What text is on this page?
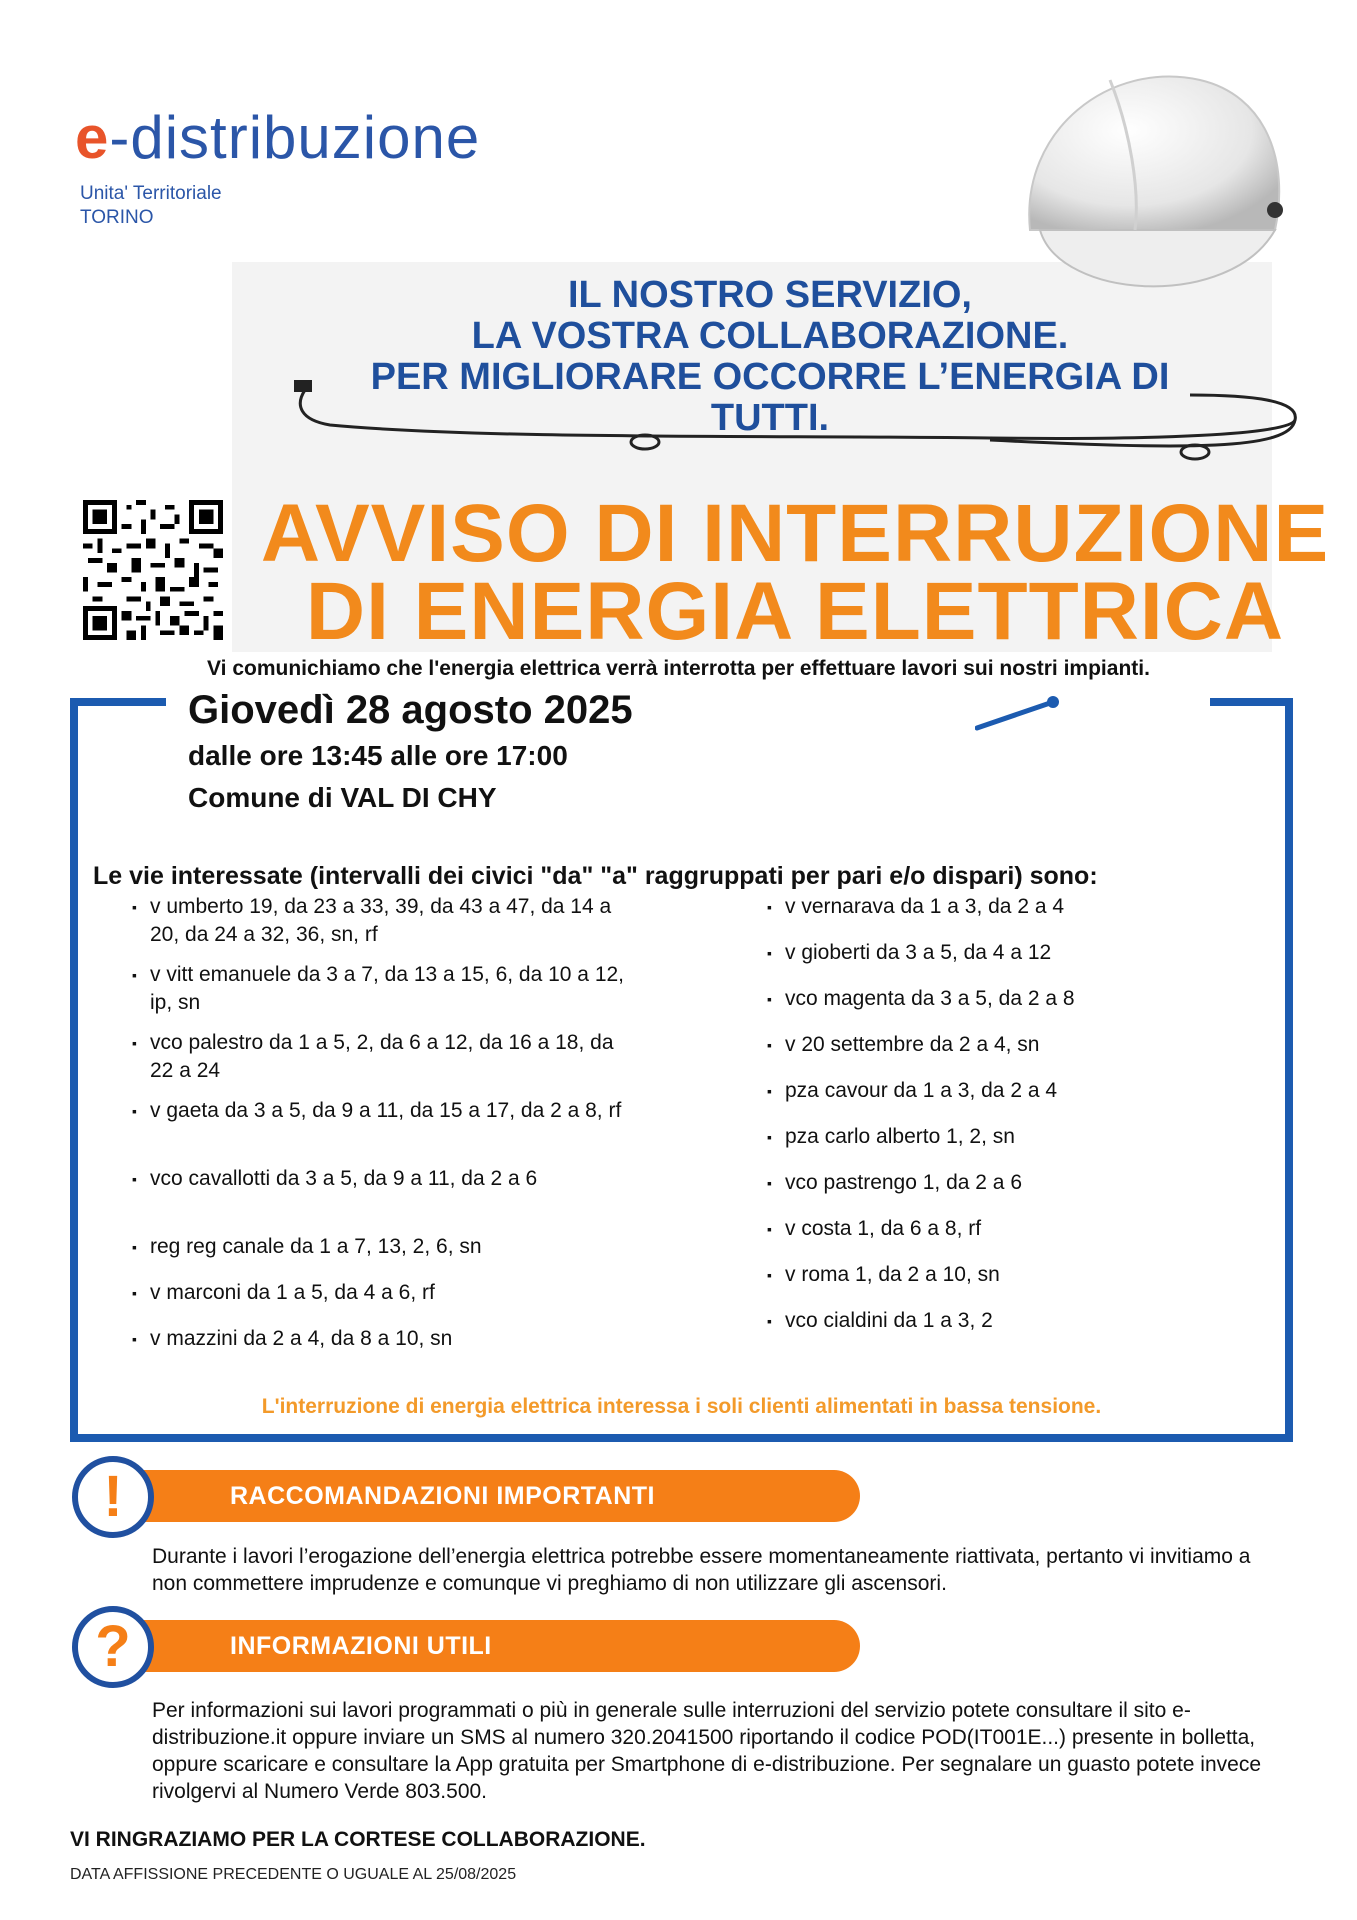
e-distribuzione
Unita' Territoriale
TORINO
IL NOSTRO SERVIZIO,
LA VOSTRA COLLABORAZIONE.
PER MIGLIORARE OCCORRE L’ENERGIA DI TUTTI.
AVVISO DI INTERRUZIONE
DI ENERGIA ELETTRICA
Vi comunichiamo che l'energia elettrica verrà interrotta per effettuare lavori sui nostri impianti.
Giovedì 28 agosto 2025
dalle ore 13:45 alle ore 17:00
Comune di VAL DI CHY
Le vie interessate (intervalli dei civici "da" "a" raggruppati per pari e/o dispari) sono:
▪ v umberto 19, da 23 a 33, 39, da 43 a 47, da 14 a 20, da 24 a 32, 36, sn, rf
▪ v vitt emanuele da 3 a 7, da 13 a 15, 6, da 10 a 12, ip, sn
▪ vco palestro da 1 a 5, 2, da 6 a 12, da 16 a 18, da 22 a 24
▪ v gaeta da 3 a 5, da 9 a 11, da 15 a 17, da 2 a 8, rf
▪ vco cavallotti da 3 a 5, da 9 a 11, da 2 a 6
▪ reg reg canale da 1 a 7, 13, 2, 6, sn
▪ v marconi da 1 a 5, da 4 a 6, rf
▪ v mazzini da 2 a 4, da 8 a 10, sn
▪ v vernarava da 1 a 3, da 2 a 4
▪ v gioberti da 3 a 5, da 4 a 12
▪ vco magenta da 3 a 5, da 2 a 8
▪ v 20 settembre da 2 a 4, sn
▪ pza cavour da 1 a 3, da 2 a 4
▪ pza carlo alberto 1, 2, sn
▪ vco pastrengo 1, da 2 a 6
▪ v costa 1, da 6 a 8, rf
▪ v roma 1, da 2 a 10, sn
▪ vco cialdini da 1 a 3, 2
L'interruzione di energia elettrica interessa i soli clienti alimentati in bassa tensione.
RACCOMANDAZIONI IMPORTANTI
!
Durante i lavori l’erogazione dell’energia elettrica potrebbe essere momentaneamente riattivata, pertanto vi invitiamo a non commettere imprudenze e comunque vi preghiamo di non utilizzare gli ascensori.
INFORMAZIONI UTILI
?
Per informazioni sui lavori programmati o più in generale sulle interruzioni del servizio potete consultare il sito e-distribuzione.it oppure inviare un SMS al numero 320.2041500 riportando il codice POD(IT001E...) presente in bolletta, oppure scaricare e consultare la App gratuita per Smartphone di e-distribuzione. Per segnalare un guasto potete invece rivolgervi al Numero Verde 803.500.
VI RINGRAZIAMO PER LA CORTESE COLLABORAZIONE.
DATA AFFISSIONE PRECEDENTE O UGUALE AL 25/08/2025
